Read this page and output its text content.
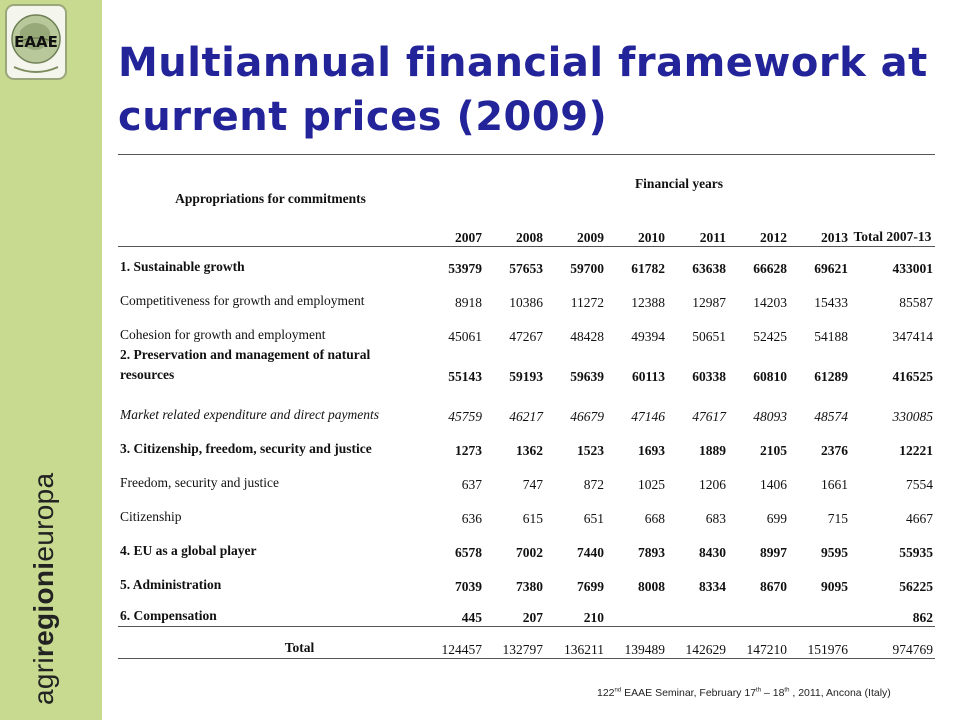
EAAE
agriregionieuropa
Multiannual financial framework at current prices (2009)
Appropriations for commitments	Financial years							

	2007	2008	2009	2010	2011	2012	2013	Total 2007-13
1. Sustainable growth	53979	57653	59700	61782	63638	66628	69621	433001
Competitiveness for growth and employment	8918	10386	11272	12388	12987	14203	15433	85587
Cohesion for growth and employment	45061	47267	48428	49394	50651	52425	54188	347414
2. Preservation and management of natural resources	55143	59193	59639	60113	60338	60810	61289	416525
Market related expenditure and direct payments	45759	46217	46679	47146	47617	48093	48574	330085
3. Citizenship, freedom, security and justice	1273	1362	1523	1693	1889	2105	2376	12221
Freedom, security and justice	637	747	872	1025	1206	1406	1661	7554
Citizenship	636	615	651	668	683	699	715	4667
4. EU as a global player	6578	7002	7440	7893	8430	8997	9595	55935
5. Administration	7039	7380	7699	8008	8334	8670	9095	56225
6. Compensation	445	207	210					862
Total	124457	132797	136211	139489	142629	147210	151976	974769
122nd EAAE Seminar, February 17th – 18th , 2011, Ancona (Italy)
